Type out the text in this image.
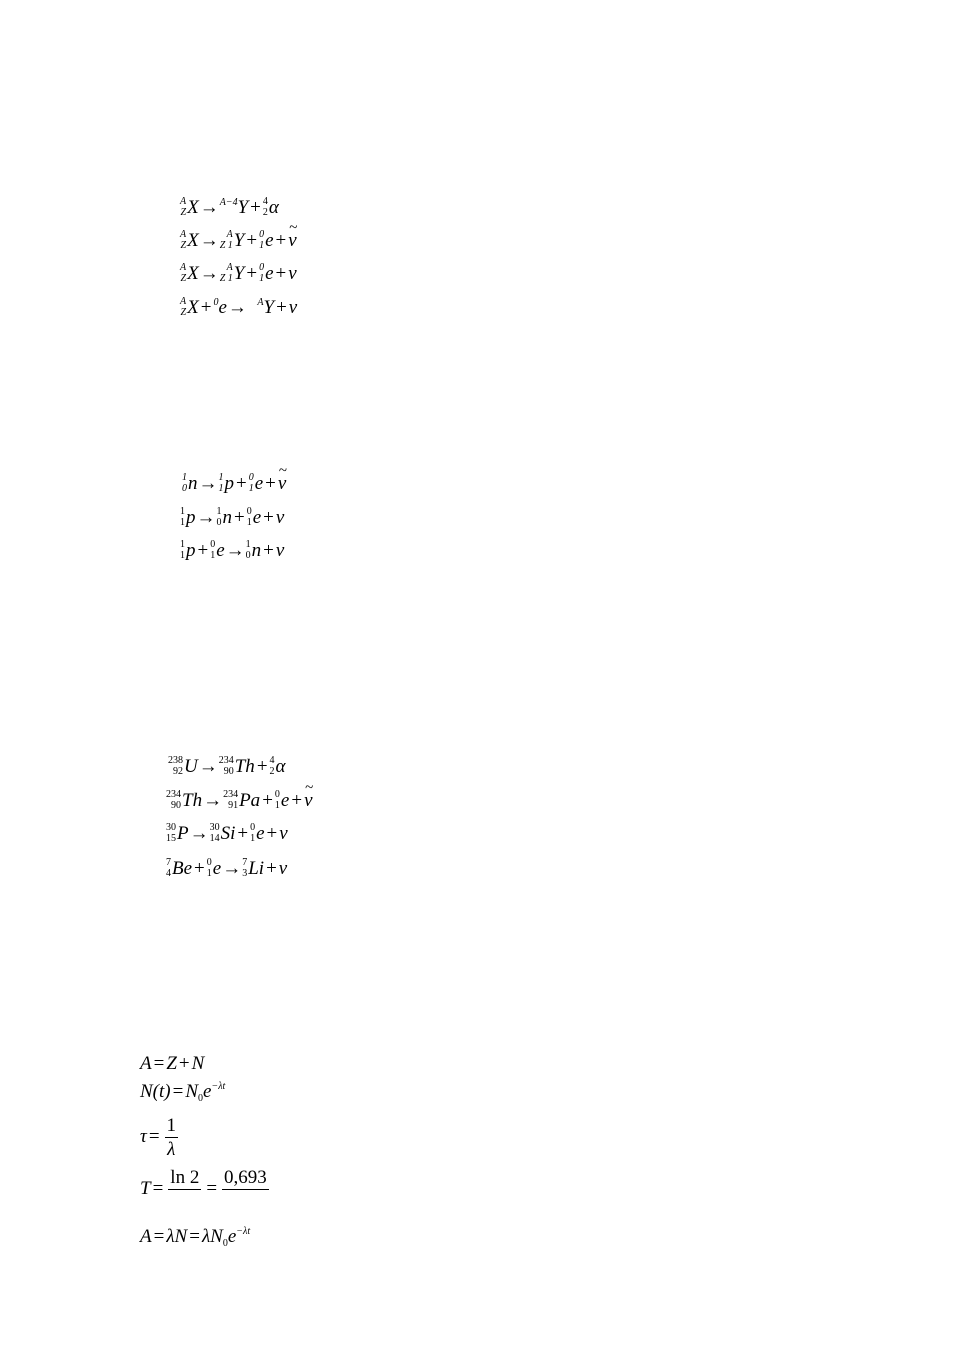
A
Z X→$^{A-4}$Y + 4
2 α
A
Z X→ A
Z 1 Y + 0
1 e + ~ ν
A
Z X→ A
Z 1 Y + 0
1 e + ν
A
Z X + $^0$e→ $^A$Y + ν
1
0 n→ 1
1 p + 0
1 e + ~ ν
1
1 p→ 1
0 n + 0
1 e + ν
1
1 p + 0
1 e→ 1
0 n + ν
238
92 U→ 234
90 Th + 4
2 α
234
90 Th→ 234
91 Pa + 0
1 e + ~ ν
30
15 P→ 30
14 Si + 0
1 e + ν
7
4 Be + 0
1 e→ 7
3 Li + ν
A = Z + N
$N(t) = N_0e^{-\lambda t}$
$\tau = \frac{1}{\lambda}$
T =
ln 2

=
0,693

$A = \lambda N = \lambda N_0e^{-\lambda t}$
